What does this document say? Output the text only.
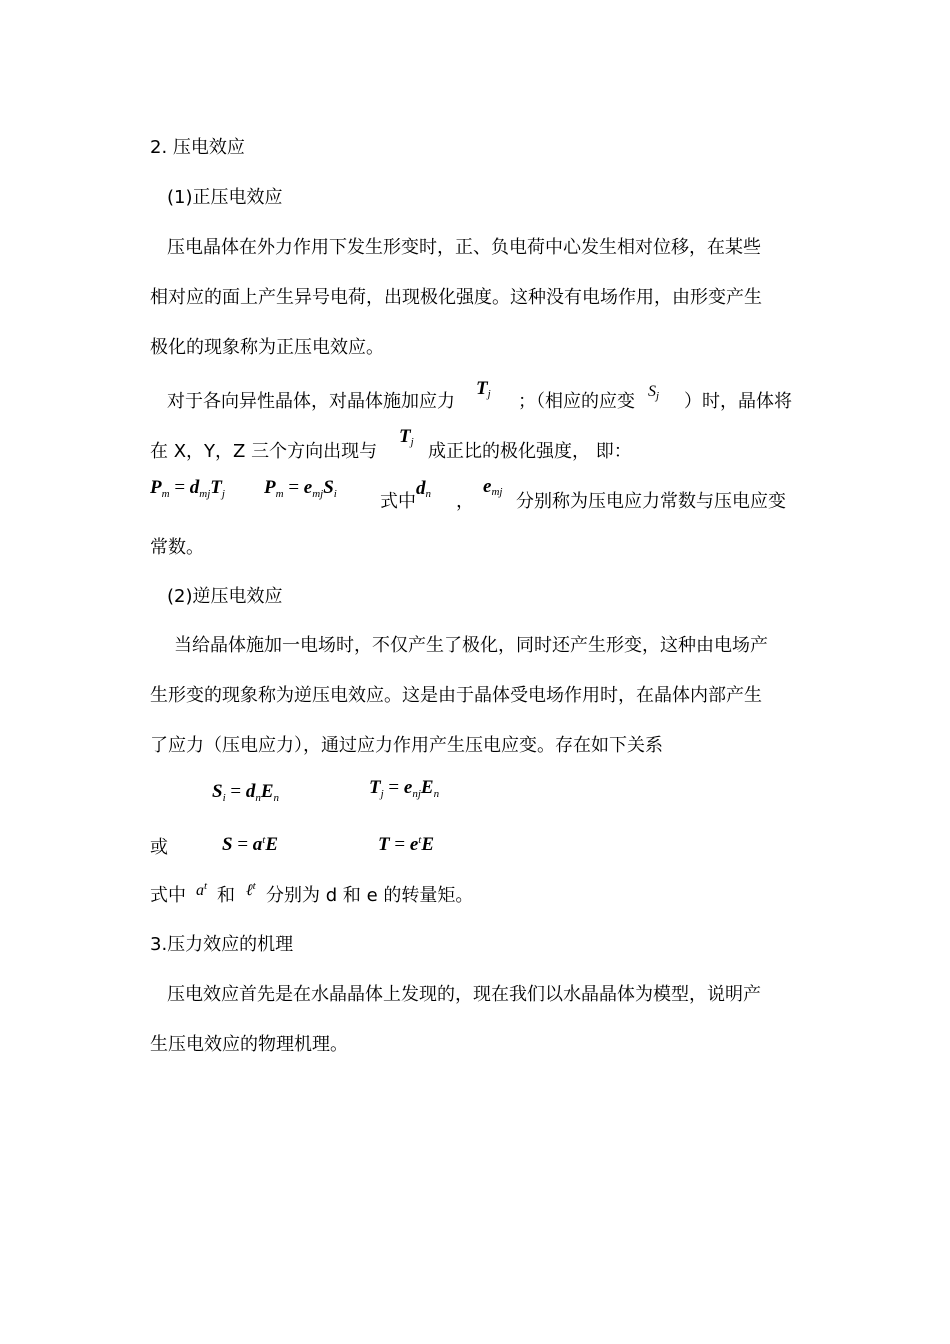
2. 压电效应
(1)正压电效应
压电晶体在外力作用下发生形变时，正、负电荷中心发生相对位移，在某些
相对应的面上产生异号电荷，出现极化强度。这种没有电场作用，由形变产生
极化的现象称为正压电效应。
对于各向异性晶体，对晶体施加应力
$T_j$ ；（相应的应变 $S_j$ ）时，晶体将
在 X，Y，Z 三个方向出现与
$T_j$ 成正比的极化强度， 即：
$P_m = d_{mj}T_j$ $P_m = e_{mj}S_i$ 式中
$d_n$ ，
$e_{mj}$ 分别称为压电应力常数与压电应变
常数。
(2)逆压电效应
当给晶体施加一电场时，不仅产生了极化，同时还产生形变，这种由电场产
生形变的现象称为逆压电效应。这是由于晶体受电场作用时，在晶体内部产生
了应力（压电应力），通过应力作用产生压电应变。存在如下关系
$S_i = d_nE_n$	$T_j = e_{nj}E_n$
或	$S = a^tE$	$T = e^tE$
式中 $a^t$ 和 ℓ$^t$ 分别为 d 和 e 的转量矩。
3.压力效应的机理
压电效应首先是在水晶晶体上发现的，现在我们以水晶晶体为模型，说明产
生压电效应的物理机理。
